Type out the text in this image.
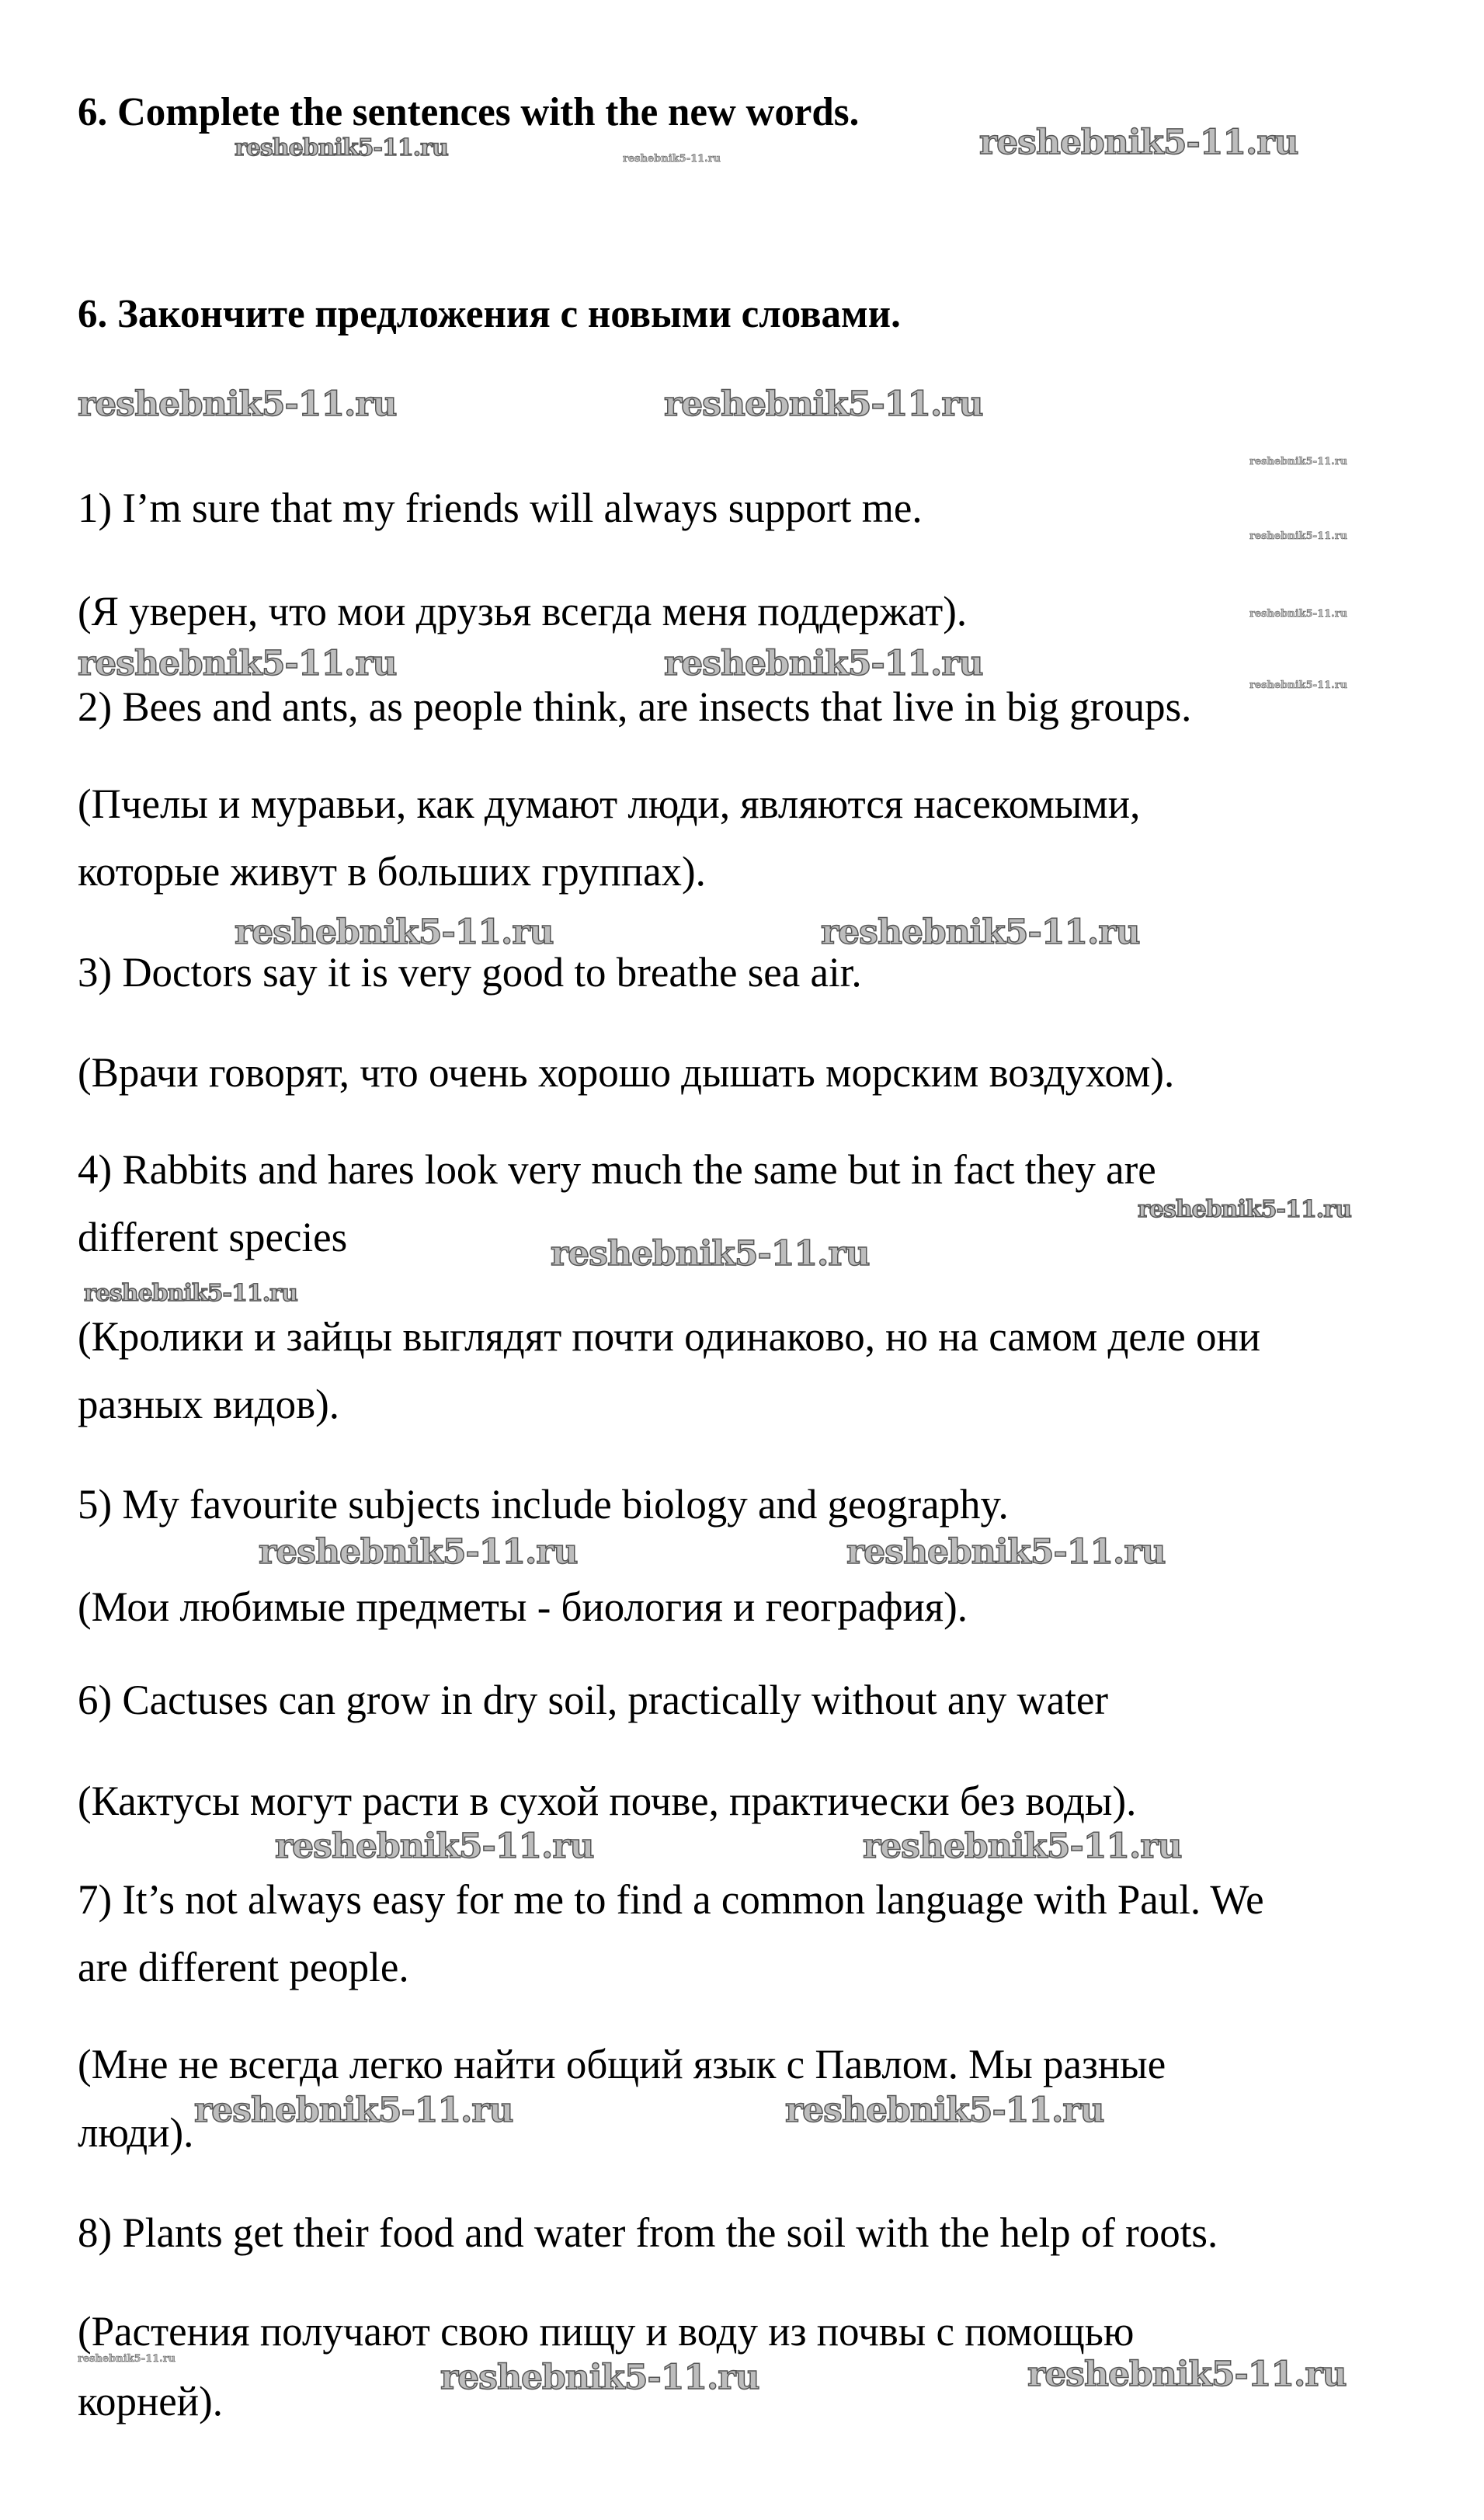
6. Complete the sentences with the new words.
6. Закончите предложения с новыми словами.
1) I’m sure that my friends will always support me.
(Я уверен, что мои друзья всегда меня поддержат).
2) Bees and ants, as people think, are insects that live in big groups.
(Пчелы и муравьи, как думают люди, являются насекомыми,
которые живут в больших группах).
3) Doctors say it is very good to breathe sea air.
(Врачи говорят, что очень хорошо дышать морским воздухом).
4) Rabbits and hares look very much the same but in fact they are
different species
(Кролики и зайцы выглядят почти одинаково, но на самом деле они
разных видов).
5) My favourite subjects include biology and geography.
(Мои любимые предметы - биология и география).
6) Cactuses can grow in dry soil, practically without any water
(Кактусы могут расти в сухой почве, практически без воды).
7) It’s not always easy for me to find a common language with Paul. We
are different people.
(Мне не всегда легко найти общий язык с Павлом. Мы разные
люди).
8) Plants get their food and water from the soil with the help of roots.
(Растения получают свою пищу и воду из почвы с помощью
корней).
reshebnik5-11.ru	reshebnik5-11.ru	reshebnik5-11.ru
reshebnik5-11.ru	reshebnik5-11.ru
reshebnik5-11.ru
reshebnik5-11.ru
reshebnik5-11.ru
reshebnik5-11.ru
reshebnik5-11.ru	reshebnik5-11.ru
reshebnik5-11.ru	reshebnik5-11.ru
reshebnik5-11.ru
reshebnik5-11.ru
reshebnik5-11.ru
reshebnik5-11.ru	reshebnik5-11.ru
reshebnik5-11.ru	reshebnik5-11.ru
reshebnik5-11.ru	reshebnik5-11.ru
reshebnik5-11.ru	reshebnik5-11.ru	reshebnik5-11.ru
